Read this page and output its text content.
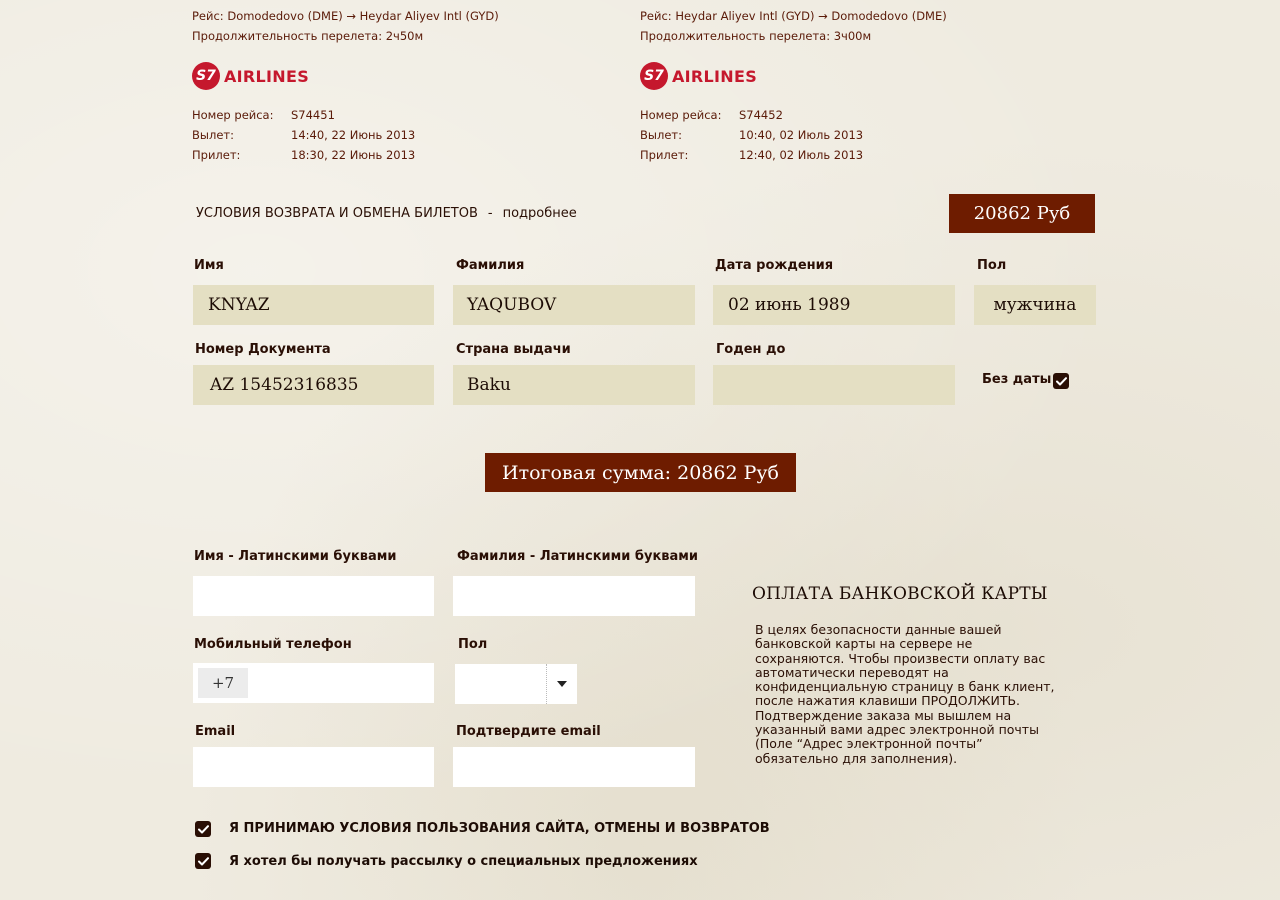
Рейс: Domodedovo (DME) → Heydar Aliyev Intl (GYD)
Продолжительность перелета: 2ч50м
S7 AIRLINES
Номер рейса:	S74451
Вылет:	14:40, 22 Июнь 2013
Прилет:	18:30, 22 Июнь 2013
Рейс: Heydar Aliyev Intl (GYD) → Domodedovo (DME)
Продолжительность перелета: 3ч00м
S7 AIRLINES
Номер рейса:	S74452
Вылет:	10:40, 02 Июль 2013
Прилет:	12:40, 02 Июль 2013
УСЛОВИЯ ВОЗВРАТА И ОБМЕНА БИЛЕТОВ - подробнее	20862 Руб
Имя
KNYAZ
Фамилия
YAQUBOV
Дата рождения
02 июнь 1989
Пол
мужчина
Номер Документа
AZ 15452316835
Страна выдачи
Baku
Годен до
Без даты
Итоговая сумма: 20862 Руб
Имя - Латинскими буквами	Фамилия - Латинскими буквами
Мобильный телефон
+7
Пол
Email	Подтвердите email
ОПЛАТА БАНКОВСКОЙ КАРТЫ
В целях безопасности данные вашей банковской карты на сервере не сохраняются. Чтобы произвести оплату вас автоматически переводят на конфиденциальную страницу в банк клиент, после нажатия клавиши ПРОДОЛЖИТЬ. Подтверждение заказа мы вышлем на указанный вами адрес электронной почты (Поле “Адрес электронной почты” обязательно для заполнения).
Я ПРИНИМАЮ УСЛОВИЯ ПОЛЬЗОВАНИЯ САЙТА, ОТМЕНЫ И ВОЗВРАТОВ
Я хотел бы получать рассылку о специальных предложениях
